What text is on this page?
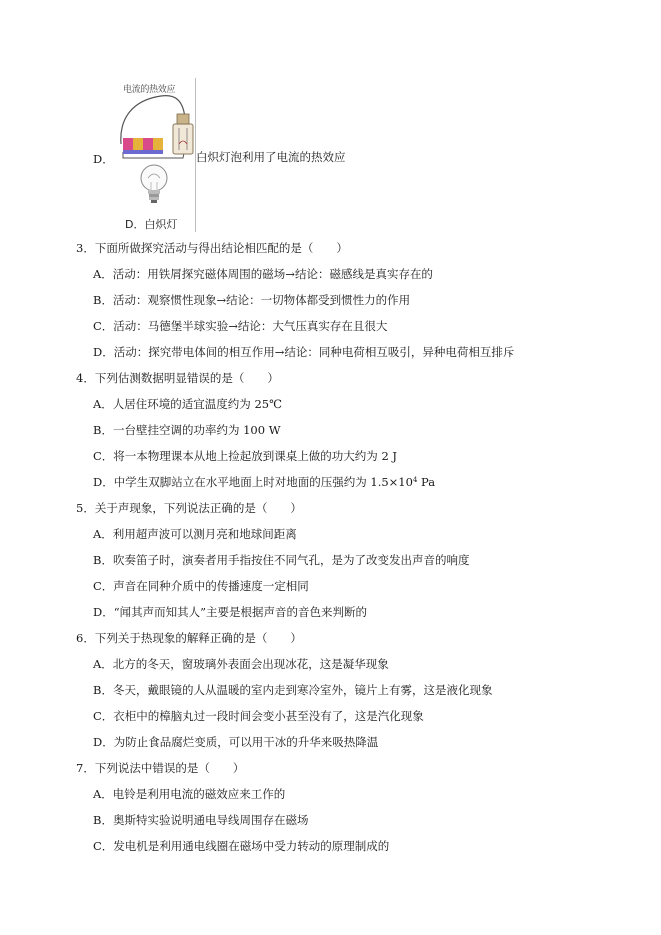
电流的热效应
D．白炽灯
D．	白炽灯泡利用了电流的热效应
3．下面所做探究活动与得出结论相匹配的是（　　）
A．活动：用铁屑探究磁体周围的磁场→结论：磁感线是真实存在的
B．活动：观察惯性现象→结论：一切物体都受到惯性力的作用
C．活动：马德堡半球实验→结论：大气压真实存在且很大
D．活动：探究带电体间的相互作用→结论：同种电荷相互吸引，异种电荷相互排斥
4．下列估测数据明显错误的是（　　）
A．人居住环境的适宜温度约为 25℃
B．一台壁挂空调的功率约为 100 W
C．将一本物理课本从地上捡起放到课桌上做的功大约为 2 J
D．中学生双脚站立在水平地面上时对地面的压强约为 $1.5\times 10^4$ Pa
5．关于声现象，下列说法正确的是（　　）
A．利用超声波可以测月亮和地球间距离
B．吹奏笛子时，演奏者用手指按住不同气孔，是为了改变发出声音的响度
C．声音在同种介质中的传播速度一定相同
D．“闻其声而知其人”主要是根据声音的音色来判断的
6．下列关于热现象的解释正确的是（　　）
A．北方的冬天，窗玻璃外表面会出现冰花，这是凝华现象
B．冬天，戴眼镜的人从温暖的室内走到寒冷室外，镜片上有雾，这是液化现象
C．衣柜中的樟脑丸过一段时间会变小甚至没有了，这是汽化现象
D．为防止食品腐烂变质，可以用干冰的升华来吸热降温
7．下列说法中错误的是（　　）
A．电铃是利用电流的磁效应来工作的
B．奥斯特实验说明通电导线周围存在磁场
C．发电机是利用通电线圈在磁场中受力转动的原理制成的
